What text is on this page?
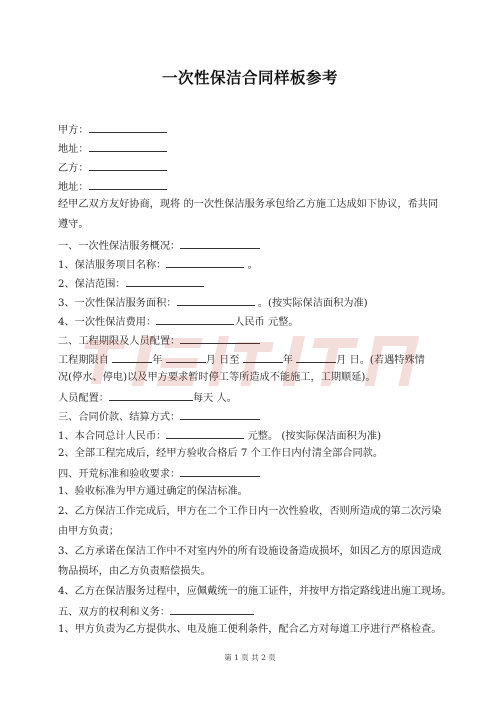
一次性保洁合同样板参考
甲方：
地址：
乙方：
地址：
经甲乙双方友好协商，现将 的一次性保洁服务承包给乙方施工达成如下协议，希共同
遵守。
一、一次性保洁服务概况：
1、保洁服务项目名称：	。
2、保洁范围：
3、一次性保洁服务面积：	。(按实际保洁面积为准)
4、一次性保洁费用：	人民币 元整。
二、工程期限及人员配置：
工程期限自	年	月 日至	年	月 日。(若遇特殊情
况(停水、停电)以及甲方要求暂时停工等所造成不能施工，工期顺延)。
人员配置：	每天 人。
三、合同价款、结算方式：
1、本合同总计人民币：	元整。 (按实际保洁面积为准)
2、全部工程完成后，经甲方验收合格后 7 个工作日内付清全部合同款。
四、开荒标准和验收要求：
1、验收标准为甲方通过确定的保洁标准。
2、乙方保洁工作完成后，甲方在二个工作日内一次性验收，否则所造成的第二次污染
由甲方负责；
3、乙方承诺在保洁工作中不对室内外的所有设施设备造成损坏，如因乙方的原因造成
物品损坏，由乙方负责赔偿损失。
4、乙方在保洁服务过程中，应佩戴统一的施工证件，并按甲方指定路线进出施工现场。
五、双方的权利和义务：
1、甲方负责为乙方提供水、电及施工便利条件，配合乙方对每道工序进行严格检查。
第 1 页 共 2 页
